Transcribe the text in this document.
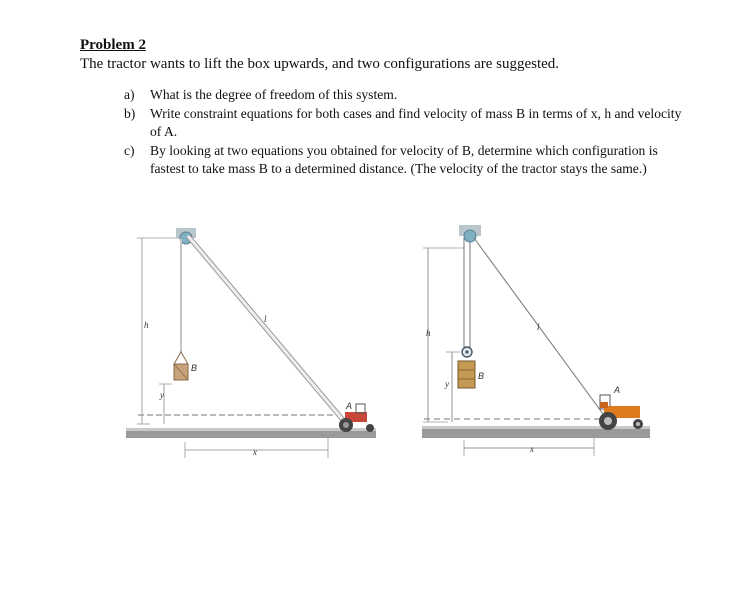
Problem 2
The tractor wants to lift the box upwards, and two configurations are suggested.
a)	What is the degree of freedom of this system.
b)	Write constraint equations for both cases and find velocity of mass B in terms of x, h and velocity of A.
c)	By looking at two equations you obtained for velocity of B, determine which configuration is fastest to take mass B to a determined distance. (The velocity of the tractor stays the same.)
h
l
B
A
y
x
h
l
B
A
y
x
